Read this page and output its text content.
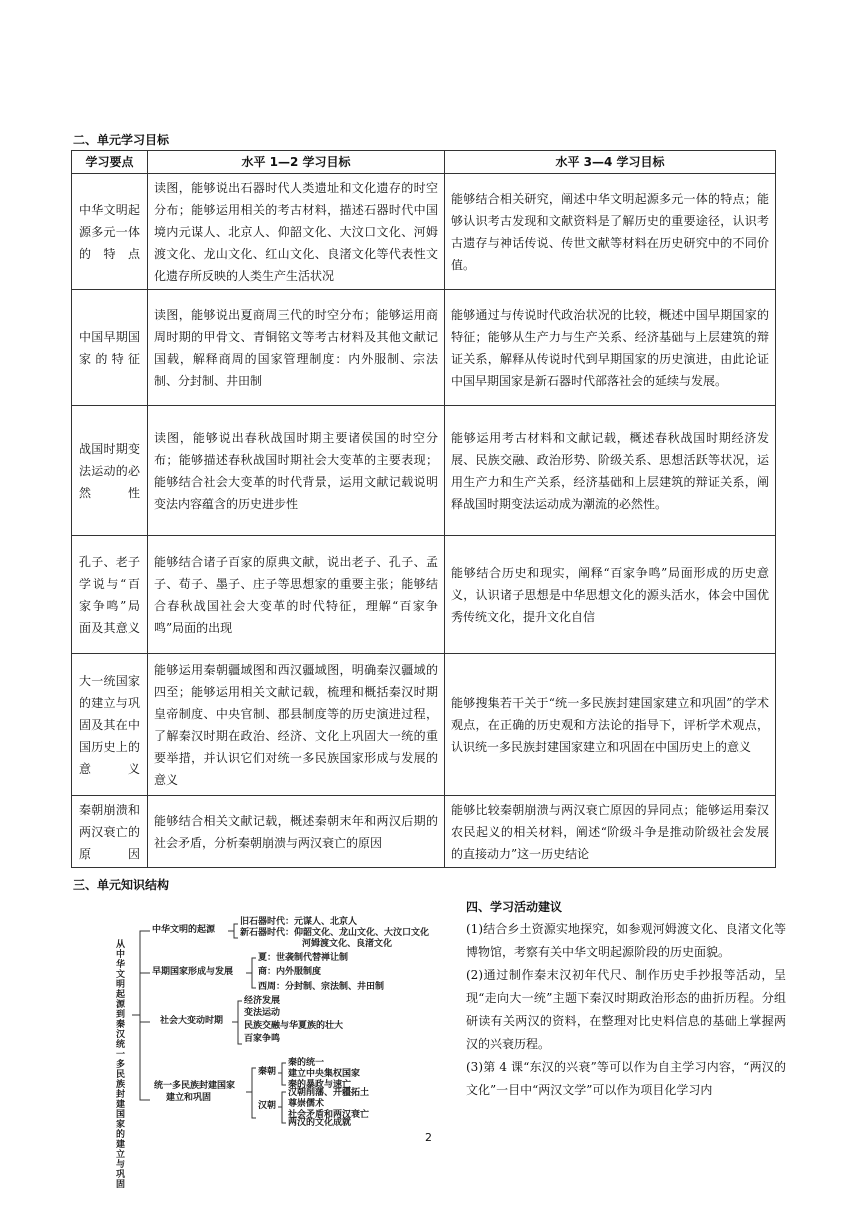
二、单元学习目标
学习要点	水平 1—2 学习目标	水平 3—4 学习目标
中华文明起源多元一体的特点	读图，能够说出石器时代人类遗址和文化遗存的时空分布；能够运用相关的考古材料，描述石器时代中国境内元谋人、北京人、仰韶文化、大汶口文化、河姆渡文化、龙山文化、红山文化、良渚文化等代表性文化遗存所反映的人类生产生活状况	能够结合相关研究，阐述中华文明起源多元一体的特点；能够认识考古发现和文献资料是了解历史的重要途径，认识考古遗存与神话传说、传世文献等材料在历史研究中的不同价值。
中国早期国家的特征	读图，能够说出夏商周三代的时空分布；能够运用商周时期的甲骨文、青铜铭文等考古材料及其他文献记国载，解释商周的国家管理制度：内外服制、宗法制、分封制、井田制	能够通过与传说时代政治状况的比较，概述中国早期国家的特征；能够从生产力与生产关系、经济基础与上层建筑的辩证关系，解释从传说时代到早期国家的历史演进，由此论证中国早期国家是新石器时代部落社会的延续与发展。
战国时期变法运动的必然性	读图，能够说出春秋战国时期主要诸侯国的时空分布；能够描述春秋战国时期社会大变革的主要表现；能够结合社会大变革的时代背景，运用文献记载说明变法内容蕴含的历史进步性	能够运用考古材料和文献记载，概述春秋战国时期经济发展、民族交融、政治形势、阶级关系、思想活跃等状况，运用生产力和生产关系，经济基础和上层建筑的辩证关系，阐释战国时期变法运动成为潮流的必然性。
孔子、老子学说与“百家争鸣”局面及其意义	能够结合诸子百家的原典文献，说出老子、孔子、孟子、荀子、墨子、庄子等思想家的重要主张；能够结合春秋战国社会大变革的时代特征，理解“百家争鸣”局面的出现	能够结合历史和现实，阐释“百家争鸣”局面形成的历史意义，认识诸子思想是中华思想文化的源头活水，体会中国优秀传统文化，提升文化自信
大一统国家的建立与巩固及其在中国历史上的意义	能够运用秦朝疆域图和西汉疆域图，明确秦汉疆域的四至；能够运用相关文献记载，梳理和概括秦汉时期皇帝制度、中央官制、郡县制度等的历史演进过程，了解秦汉时期在政治、经济、文化上巩固大一统的重要举措，并认识它们对统一多民族国家形成与发展的意义	能够搜集若干关于“统一多民族封建国家建立和巩固”的学术观点，在正确的历史观和方法论的指导下，评析学术观点，认识统一多民族封建国家建立和巩固在中国历史上的意义
秦朝崩溃和两汉衰亡的原因	能够结合相关文献记载，概述秦朝末年和两汉后期的社会矛盾，分析秦朝崩溃与两汉衰亡的原因	能够比较秦朝崩溃与两汉衰亡原因的异同点；能够运用秦汉农民起义的相关材料，阐述“阶级斗争是推动阶级社会发展的直接动力”这一历史结论
三、单元知识结构
从中华文明起源到秦汉统一多民族封建国家的建立与巩固
中华文明的起源
旧石器时代：元谋人、北京人
新石器时代：仰韶文化、龙山文化、大汶口文化
河姆渡文化、良渚文化
早期国家形成与发展
夏：世袭制代替禅让制
商：内外服制度
西周：分封制、宗法制、井田制
社会大变动时期
经济发展
变法运动
民族交融与华夏族的壮大
百家争鸣
统一多民族封建国家
建立和巩固
秦朝
秦的统一
建立中央集权国家
秦的暴政与速亡
汉朝
汉朝削藩、开疆拓土
尊崇儒术
社会矛盾和两汉衰亡
两汉的文化成就
四、学习活动建议

(1)结合乡土资源实地探究，如参观河姆渡文化、良渚文化等博物馆，考察有关中华文明起源阶段的历史面貌。

(2)通过制作秦末汉初年代尺、制作历史手抄报等活动，呈现“走向大一统”主题下秦汉时期政治形态的曲折历程。分组研读有关两汉的资料，在整理对比史料信息的基础上掌握两汉的兴衰历程。

(3)第 4 课“东汉的兴衰”等可以作为自主学习内容，“两汉的文化”一目中“两汉文学”可以作为项目化学习内

2
